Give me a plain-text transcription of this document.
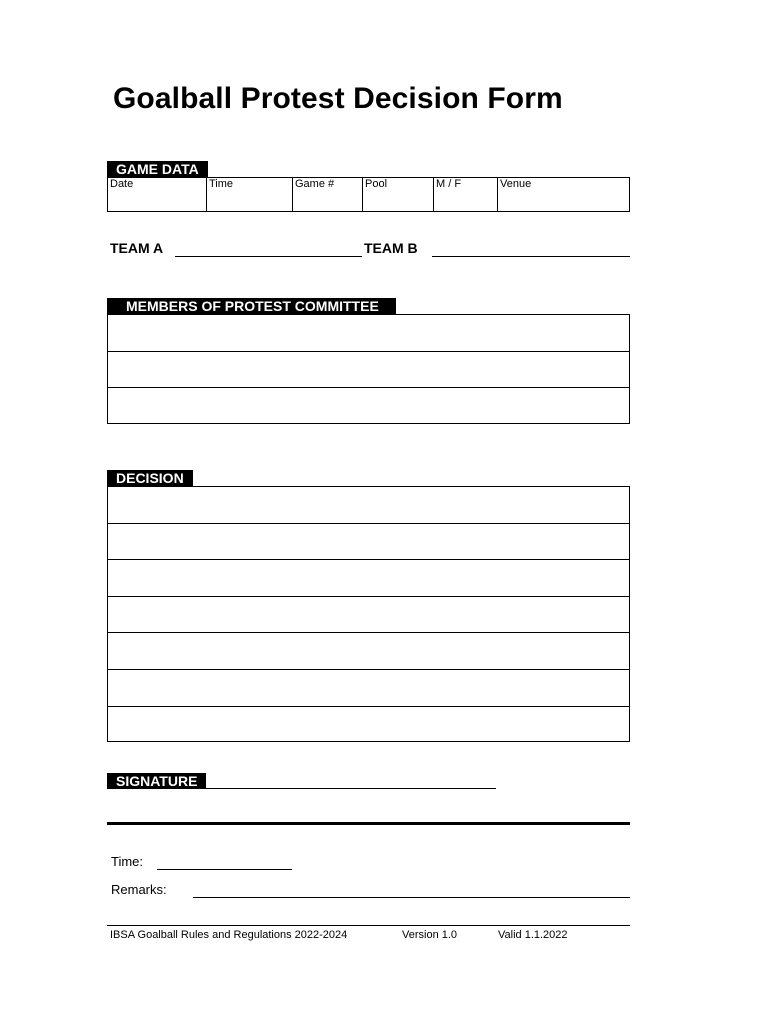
Goalball Protest Decision Form
GAME DATA
Date	Time	Game #	Pool	M / F	Venue
TEAM A	TEAM B
MEMBERS OF PROTEST COMMITTEE
DECISION
SIGNATURE
Time:
Remarks:
IBSA Goalball Rules and Regulations 2022-2024	Version 1.0	Valid 1.1.2022
